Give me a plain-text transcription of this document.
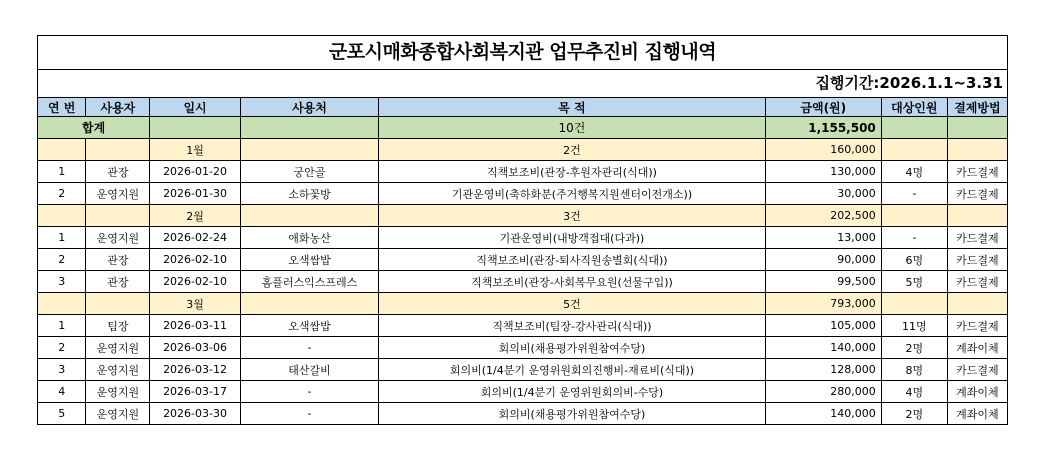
군포시매화종합사회복지관 업무추진비 집행내역
집행기간:2026.1.1~3.31
연 번	사용자	일시	사용처	목 적	금액(원)	대상인원	결제방법
합계				10건	1,155,500		
		1월		2건	160,000		
1	관장	2026-01-20	궁안골	직책보조비(관장-후원자관리(식대))	130,000	4명	카드결제
2	운영지원	2026-01-30	소하꽃방	기관운영비(축하화분(주거행복지원센터이전개소))	30,000	-	카드결제
		2월		3건	202,500		
1	운영지원	2026-02-24	애화농산	기관운영비(내방객접대(다과))	13,000	-	카드결제
2	관장	2026-02-10	오색쌈밥	직책보조비(관장-퇴사직원송별회(식대))	90,000	6명	카드결제
3	관장	2026-02-10	홈플러스익스프레스	직책보조비(관장-사회복무요원(선물구입))	99,500	5명	카드결제
		3월		5건	793,000		
1	팀장	2026-03-11	오색쌈밥	직책보조비(팀장-강사관리(식대))	105,000	11명	카드결제
2	운영지원	2026-03-06	-	회의비(채용평가위원참여수당)	140,000	2명	계좌이체
3	운영지원	2026-03-12	태산갈비	회의비(1/4분기 운영위원회의진행비-재료비(식대))	128,000	8명	카드결제
4	운영지원	2026-03-17	-	회의비(1/4분기 운영위원회의비-수당)	280,000	4명	계좌이체
5	운영지원	2026-03-30	-	회의비(채용평가위원참여수당)	140,000	2명	계좌이체
